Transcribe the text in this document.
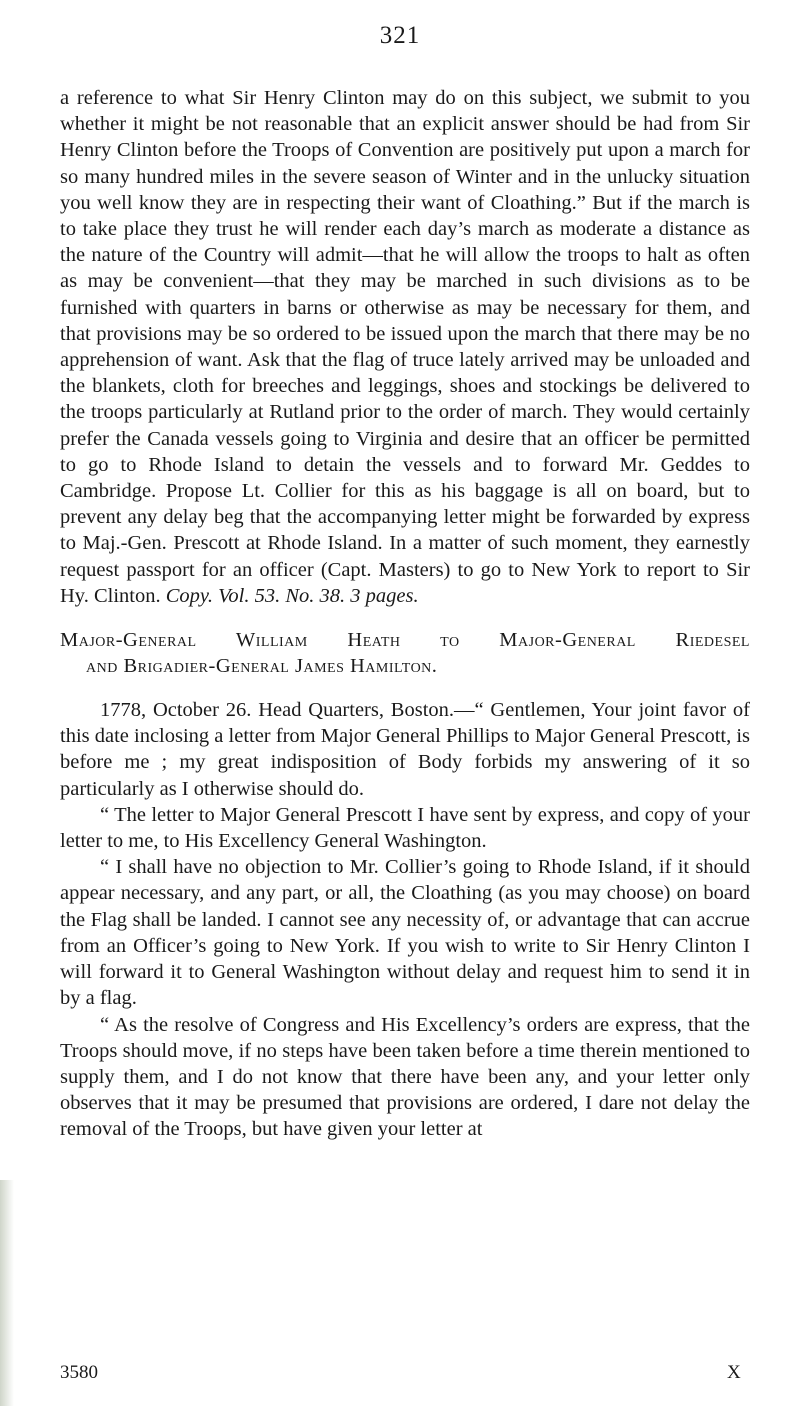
321

a reference to what Sir Henry Clinton may do on this subject, we submit to you whether it might be not reasonable that an explicit answer should be had from Sir Henry Clinton before the Troops of Convention are positively put upon a march for so many hundred miles in the severe season of Winter and in the unlucky situation you well know they are in respecting their want of Cloathing.” But if the march is to take place they trust he will render each day’s march as moderate a distance as the nature of the Country will admit—that he will allow the troops to halt as often as may be convenient—that they may be marched in such divisions as to be furnished with quarters in barns or otherwise as may be necessary for them, and that provisions may be so ordered to be issued upon the march that there may be no apprehension of want. Ask that the flag of truce lately arrived may be unloaded and the blankets, cloth for breeches and leggings, shoes and stockings be delivered to the troops particularly at Rutland prior to the order of march. They would certainly prefer the Canada vessels going to Virginia and desire that an officer be permitted to go to Rhode Island to detain the vessels and to forward Mr. Geddes to Cambridge. Propose Lt. Collier for this as his baggage is all on board, but to prevent any delay beg that the accompanying letter might be forwarded by express to Maj.-Gen. Prescott at Rhode Island. In a matter of such moment, they earnestly request passport for an officer (Capt. Masters) to go to New York to report to Sir Hy. Clinton. Copy. Vol. 53. No. 38. 3 pages.

Major-General William Heath to Major-General Riedesel
and Brigadier-General James Hamilton.

1778, October 26. Head Quarters, Boston.—“ Gentlemen, Your joint favor of this date inclosing a letter from Major General Phillips to Major General Prescott, is before me ; my great indisposition of Body forbids my answering of it so particularly as I otherwise should do.

“ The letter to Major General Prescott I have sent by express, and copy of your letter to me, to His Excellency General Washington.

“ I shall have no objection to Mr. Collier’s going to Rhode Island, if it should appear necessary, and any part, or all, the Cloathing (as you may choose) on board the Flag shall be landed. I cannot see any necessity of, or advantage that can accrue from an Officer’s going to New York. If you wish to write to Sir Henry Clinton I will forward it to General Washington without delay and request him to send it in by a flag.

“ As the resolve of Congress and His Excellency’s orders are express, that the Troops should move, if no steps have been taken before a time therein mentioned to supply them, and I do not know that there have been any, and your letter only observes that it may be presumed that provisions are ordered, I dare not delay the removal of the Troops, but have given your letter at

3580	X
